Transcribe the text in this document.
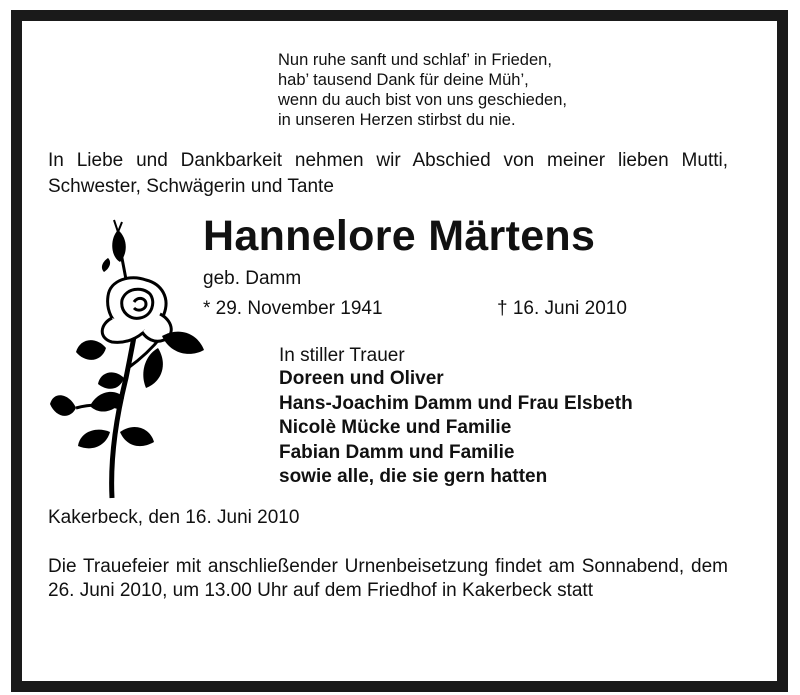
Nun ruhe sanft und schlaf’ in Frieden,
hab’ tausend Dank für deine Müh’,
wenn du auch bist von uns geschieden,
in unseren Herzen stirbst du nie.
In Liebe und Dankbarkeit nehmen wir Abschied von meiner lieben Mutti, Schwester, Schwägerin und Tante
Hannelore Märtens
geb. Damm
* 29. November 1941	† 16. Juni 2010
In stiller Trauer
Doreen und Oliver
Hans-Joachim Damm und Frau Elsbeth
Nicolè Mücke und Familie
Fabian Damm und Familie
sowie alle, die sie gern hatten
Kakerbeck, den 16. Juni 2010
Die Trauefeier mit anschließender Urnenbeisetzung findet am Sonnabend, dem 26. Juni 2010, um 13.00 Uhr auf dem Friedhof in Kakerbeck statt
